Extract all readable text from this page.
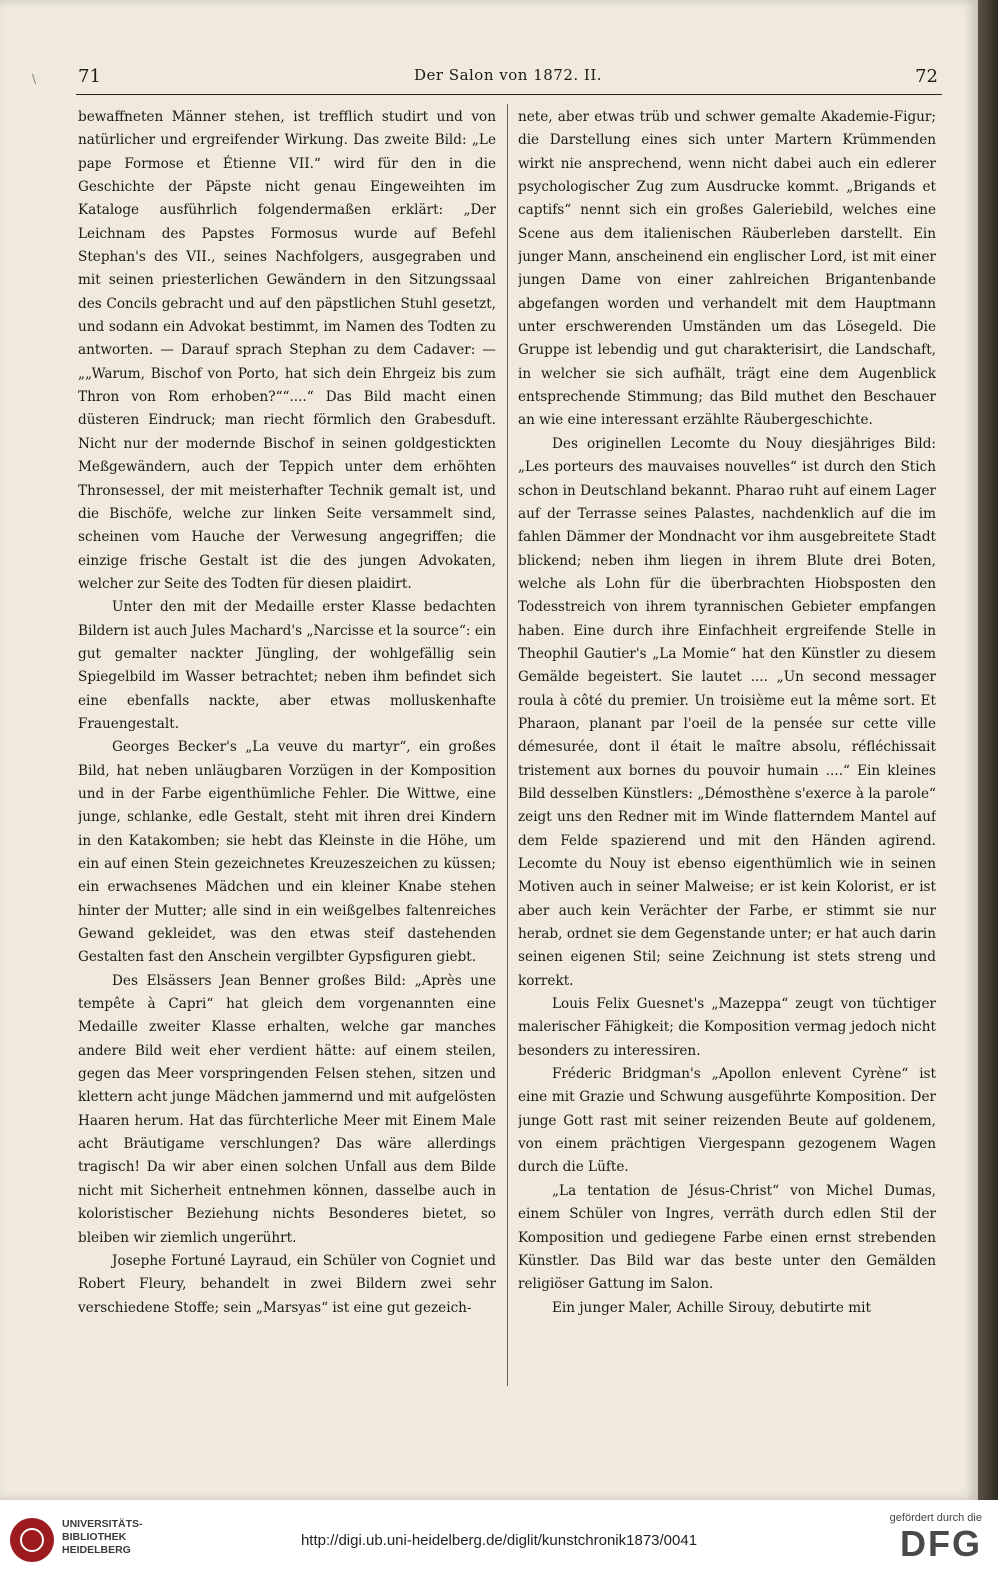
\ 71	Der Salon von 1872. II.	72

bewaffneten Männer stehen, ist trefflich studirt und von natürlicher und ergreifender Wirkung. Das zweite Bild: „Le pape Formose et Étienne VII.“ wird für den in die Geschichte der Päpste nicht genau Eingeweihten im Kataloge ausführlich folgendermaßen erklärt: „Der Leichnam des Papstes Formosus wurde auf Befehl Stephan's des VII., seines Nachfolgers, ausgegraben und mit seinen priesterlichen Gewändern in den Sitzungssaal des Concils gebracht und auf den päpstlichen Stuhl gesetzt, und sodann ein Advokat bestimmt, im Namen des Todten zu antworten. — Darauf sprach Stephan zu dem Cadaver: — „„Warum, Bischof von Porto, hat sich dein Ehrgeiz bis zum Thron von Rom erhoben?““....“ Das Bild macht einen düsteren Eindruck; man riecht förmlich den Grabesduft. Nicht nur der modernde Bischof in seinen goldgestickten Meßgewändern, auch der Teppich unter dem erhöhten Thronsessel, der mit meisterhafter Technik gemalt ist, und die Bischöfe, welche zur linken Seite versammelt sind, scheinen vom Hauche der Verwesung angegriffen; die einzige frische Gestalt ist die des jungen Advokaten, welcher zur Seite des Todten für diesen plaidirt.

Unter den mit der Medaille erster Klasse bedachten Bildern ist auch Jules Machard's „Narcisse et la source“: ein gut gemalter nackter Jüngling, der wohlgefällig sein Spiegelbild im Wasser betrachtet; neben ihm befindet sich eine ebenfalls nackte, aber etwas molluskenhafte Frauengestalt.

Georges Becker's „La veuve du martyr“, ein großes Bild, hat neben unläugbaren Vorzügen in der Komposition und in der Farbe eigenthümliche Fehler. Die Wittwe, eine junge, schlanke, edle Gestalt, steht mit ihren drei Kindern in den Katakomben; sie hebt das Kleinste in die Höhe, um ein auf einen Stein gezeichnetes Kreuzeszeichen zu küssen; ein erwachsenes Mädchen und ein kleiner Knabe stehen hinter der Mutter; alle sind in ein weißgelbes faltenreiches Gewand gekleidet, was den etwas steif dastehenden Gestalten fast den Anschein vergilbter Gypsfiguren giebt.

Des Elsässers Jean Benner großes Bild: „Après une tempête à Capri“ hat gleich dem vorgenannten eine Medaille zweiter Klasse erhalten, welche gar manches andere Bild weit eher verdient hätte: auf einem steilen, gegen das Meer vorspringenden Felsen stehen, sitzen und klettern acht junge Mädchen jammernd und mit aufgelösten Haaren herum. Hat das fürchterliche Meer mit Einem Male acht Bräutigame verschlungen? Das wäre allerdings tragisch! Da wir aber einen solchen Unfall aus dem Bilde nicht mit Sicherheit entnehmen können, dasselbe auch in koloristischer Beziehung nichts Besonderes bietet, so bleiben wir ziemlich ungerührt.

Josephe Fortuné Layraud, ein Schüler von Cogniet und Robert Fleury, behandelt in zwei Bildern zwei sehr verschiedene Stoffe; sein „Marsyas“ ist eine gut gezeich-

nete, aber etwas trüb und schwer gemalte Akademie-Figur; die Darstellung eines sich unter Martern Krümmenden wirkt nie ansprechend, wenn nicht dabei auch ein edlerer psychologischer Zug zum Ausdrucke kommt. „Brigands et captifs“ nennt sich ein großes Galeriebild, welches eine Scene aus dem italienischen Räuberleben darstellt. Ein junger Mann, anscheinend ein englischer Lord, ist mit einer jungen Dame von einer zahlreichen Brigantenbande abgefangen worden und verhandelt mit dem Hauptmann unter erschwerenden Umständen um das Lösegeld. Die Gruppe ist lebendig und gut charakterisirt, die Landschaft, in welcher sie sich aufhält, trägt eine dem Augenblick entsprechende Stimmung; das Bild muthet den Beschauer an wie eine interessant erzählte Räubergeschichte.

Des originellen Lecomte du Nouy diesjähriges Bild: „Les porteurs des mauvaises nouvelles“ ist durch den Stich schon in Deutschland bekannt. Pharao ruht auf einem Lager auf der Terrasse seines Palastes, nachdenklich auf die im fahlen Dämmer der Mondnacht vor ihm ausgebreitete Stadt blickend; neben ihm liegen in ihrem Blute drei Boten, welche als Lohn für die überbrachten Hiobsposten den Todesstreich von ihrem tyrannischen Gebieter empfangen haben. Eine durch ihre Einfachheit ergreifende Stelle in Theophil Gautier's „La Momie“ hat den Künstler zu diesem Gemälde begeistert. Sie lautet .... „Un second messager roula à côté du premier. Un troisième eut la même sort. Et Pharaon, planant par l'oeil de la pensée sur cette ville démesurée, dont il était le maître absolu, réfléchissait tristement aux bornes du pouvoir humain ....“ Ein kleines Bild desselben Künstlers: „Démosthène s'exerce à la parole“ zeigt uns den Redner mit im Winde flatterndem Mantel auf dem Felde spazierend und mit den Händen agirend. Lecomte du Nouy ist ebenso eigenthümlich wie in seinen Motiven auch in seiner Malweise; er ist kein Kolorist, er ist aber auch kein Verächter der Farbe, er stimmt sie nur herab, ordnet sie dem Gegenstande unter; er hat auch darin seinen eigenen Stil; seine Zeichnung ist stets streng und korrekt.

Louis Felix Guesnet's „Mazeppa“ zeugt von tüchtiger malerischer Fähigkeit; die Komposition vermag jedoch nicht besonders zu interessiren.

Fréderic Bridgman's „Apollon enlevent Cyrène“ ist eine mit Grazie und Schwung ausgeführte Komposition. Der junge Gott rast mit seiner reizenden Beute auf goldenem, von einem prächtigen Viergespann gezogenem Wagen durch die Lüfte.

„La tentation de Jésus-Christ“ von Michel Dumas, einem Schüler von Ingres, verräth durch edlen Stil der Komposition und gediegene Farbe einen ernst strebenden Künstler. Das Bild war das beste unter den Gemälden religiöser Gattung im Salon.

Ein junger Maler, Achille Sirouy, debutirte mit

UNIVERSITÄTS-
BIBLIOTHEK
HEIDELBERG
http://digi.ub.uni-heidelberg.de/diglit/kunstchronik1873/0041
gefördert durch die
DFG
